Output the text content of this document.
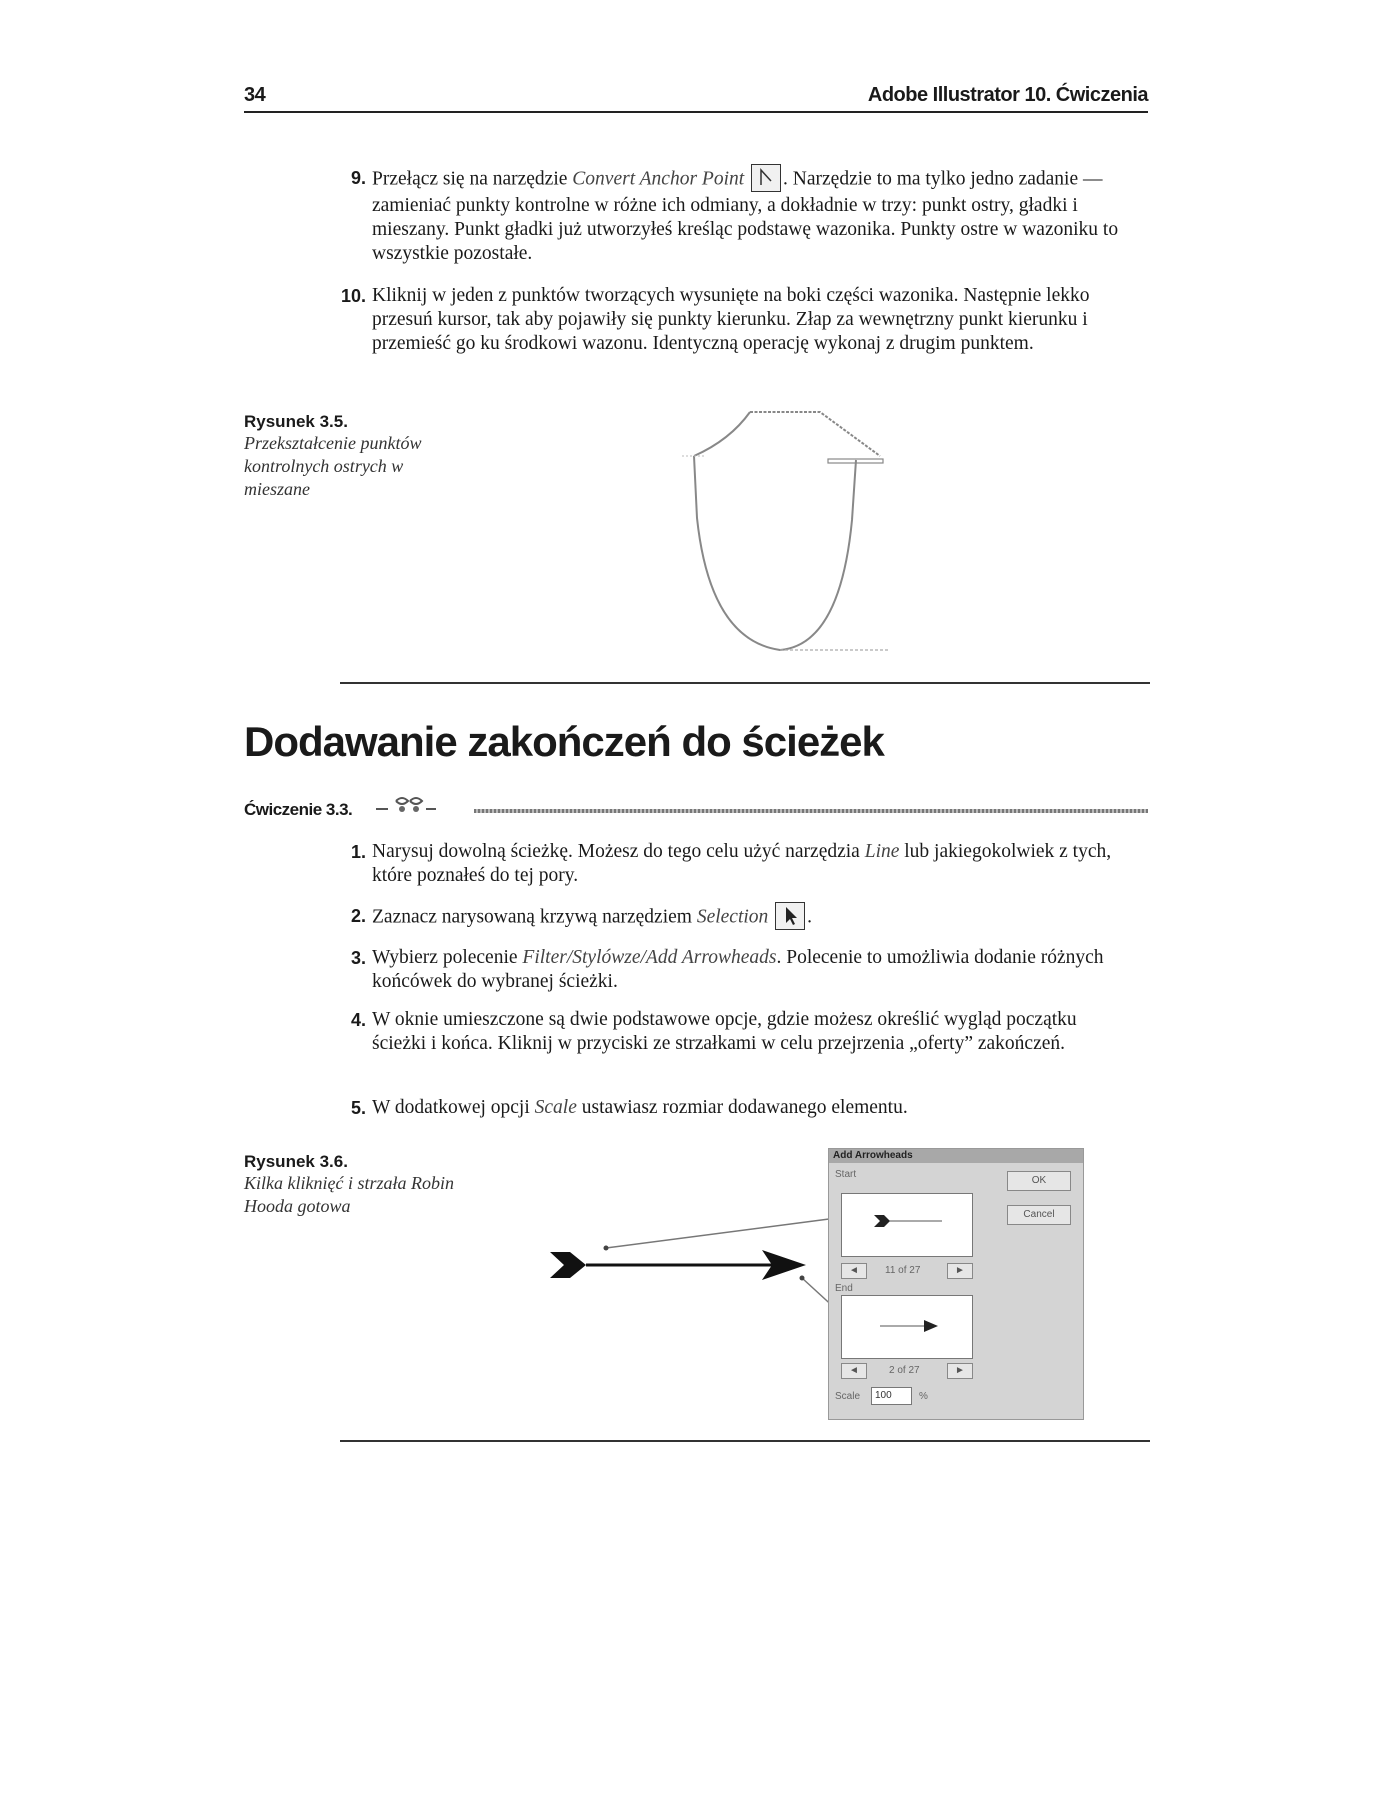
34	Adobe Illustrator 10. Ćwiczenia
9. Przełącz się na narzędzie Convert Anchor Point . Narzędzie to ma tylko jedno zadanie — zamieniać punkty kontrolne w różne ich odmiany, a dokładnie w trzy: punkt ostry, gładki i mieszany. Punkt gładki już utworzyłeś kreśląc podstawę wazonika. Punkty ostre w wazoniku to wszystkie pozostałe.

10. Kliknij w jeden z punktów tworzących wysunięte na boki części wazonika. Następnie lekko przesuń kursor, tak aby pojawiły się punkty kierunku. Złap za wewnętrzny punkt kierunku i przemieść go ku środkowi wazonu. Identyczną operację wykonaj z drugim punktem.

Rysunek 3.5.
Przekształcenie punktów kontrolnych ostrych w mieszane
Dodawanie zakończeń do ścieżek
Ćwiczenie 3.3.
1. Narysuj dowolną ścieżkę. Możesz do tego celu użyć narzędzia Line lub jakiegokolwiek z tych, które poznałeś do tej pory.

2. Zaznacz narysowaną krzywą narzędziem Selection .

3. Wybierz polecenie Filter/Stylówze/Add Arrowheads. Polecenie to umożliwia dodanie różnych końcówek do wybranej ścieżki.

4. W oknie umieszczone są dwie podstawowe opcje, gdzie możesz określić wygląd początku ścieżki i końca. Kliknij w przyciski ze strzałkami w celu przejrzenia „oferty” zakończeń.

5. W dodatkowej opcji Scale ustawiasz rozmiar dodawanego elementu.

Rysunek 3.6.
Kilka kliknięć i strzała Robin Hooda gotowa
Add Arrowheads
Start
OK
Cancel
◄	11 of 27	►
End
◄	2 of 27	►
Scale	100	%
